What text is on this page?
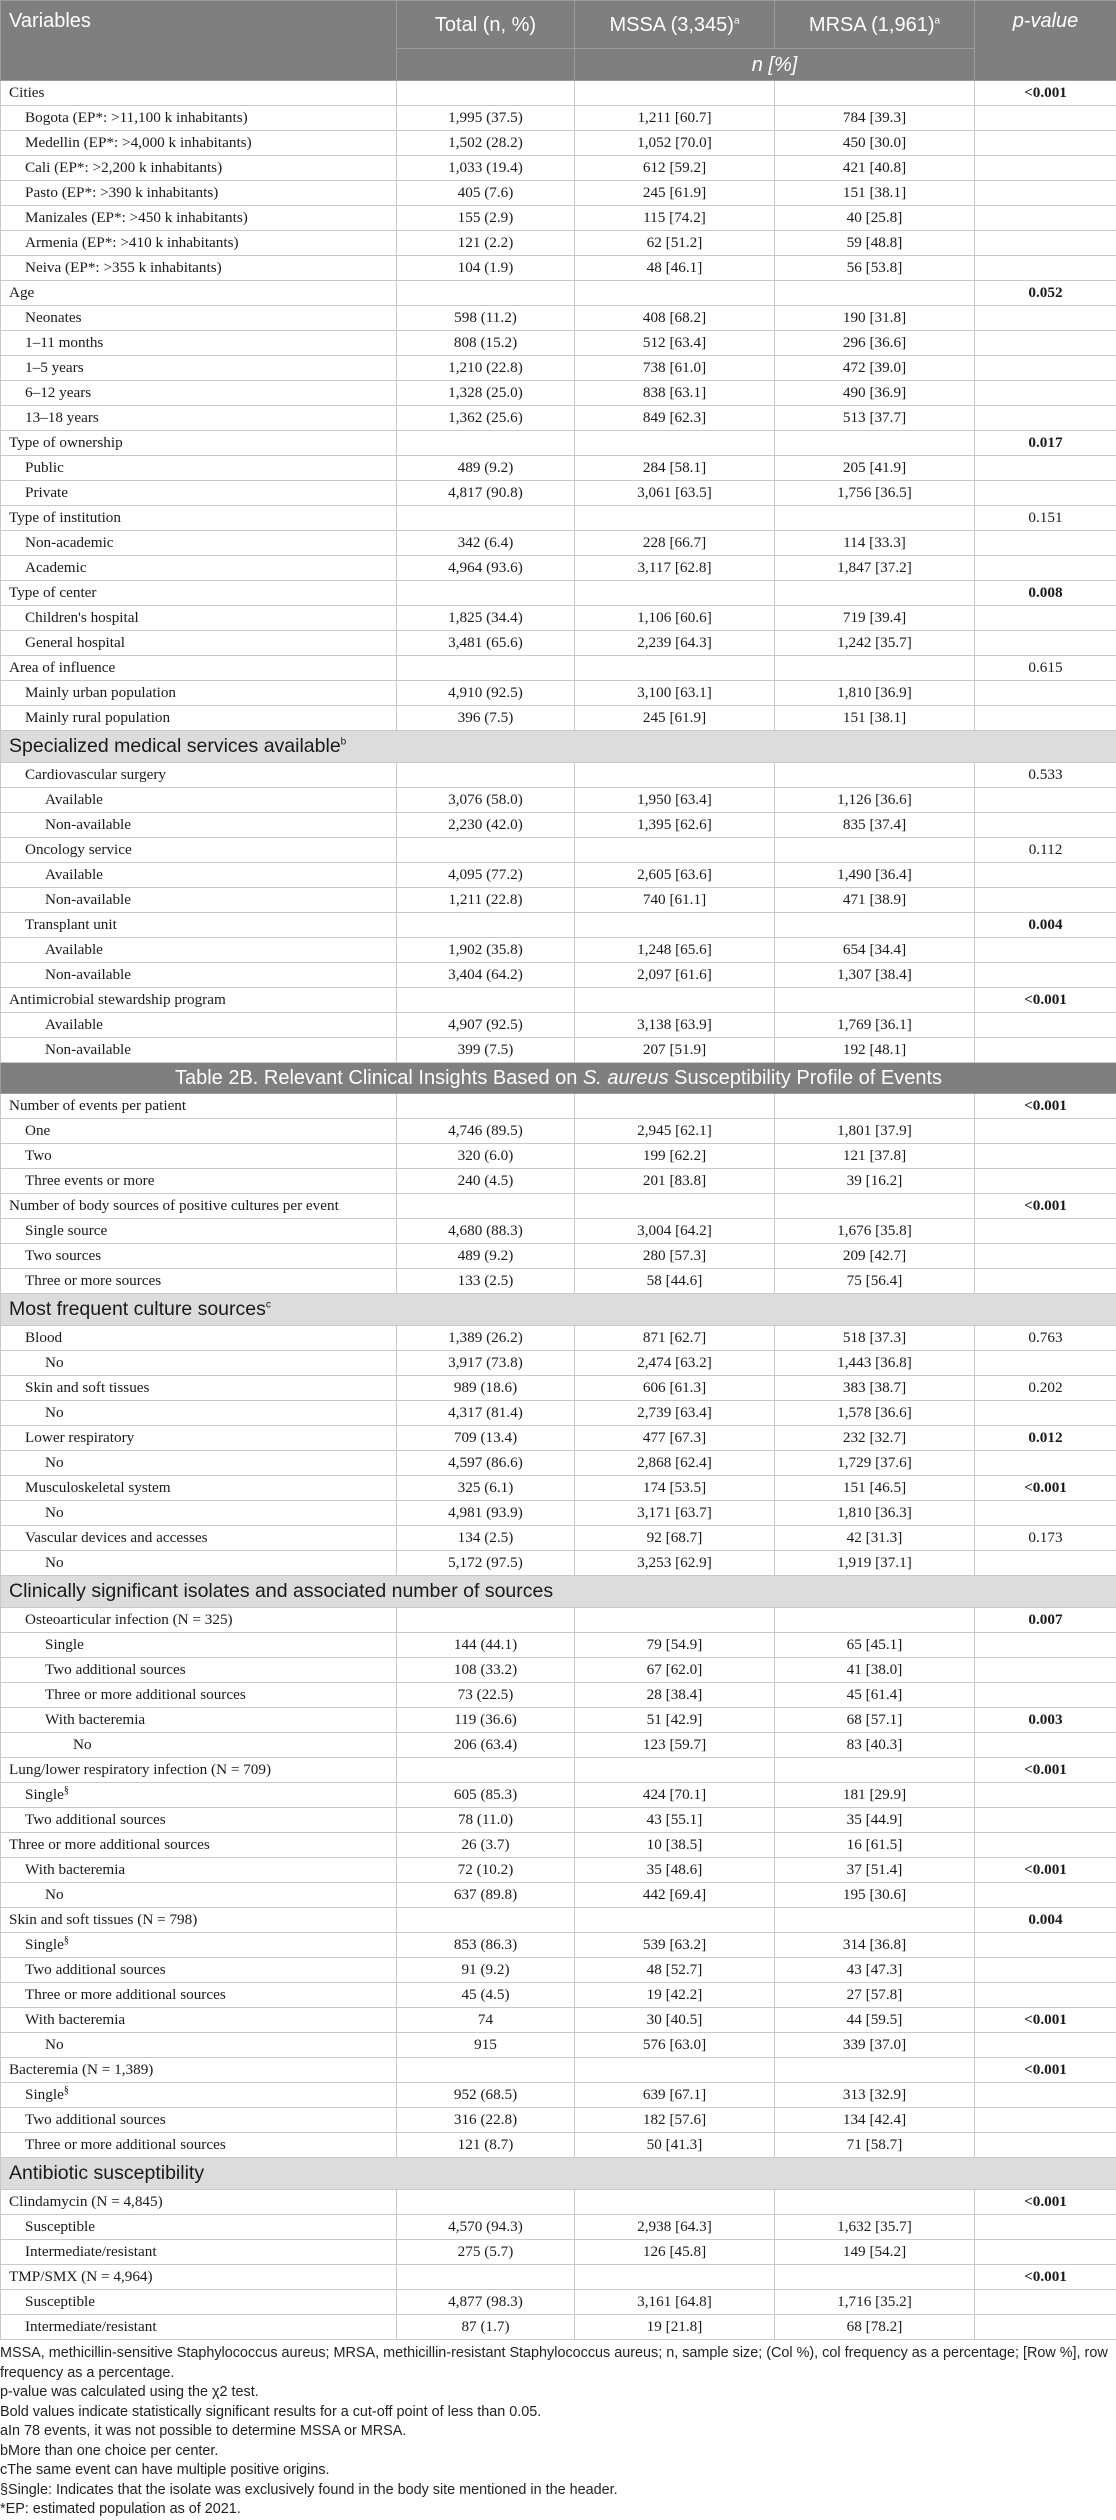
Variables	Total (n, %)	MSSA $(3,345)^a$	MRSA $(1,961)^a$	p-value
		n [%]		
Cities				<0.001
Bogota (EP*: >11,100 k inhabitants)	1,995 (37.5)	1,211 [60.7]	784 [39.3]	
Medellin (EP*: >4,000 k inhabitants)	1,502 (28.2)	1,052 [70.0]	450 [30.0]	
Cali (EP*: >2,200 k inhabitants)	1,033 (19.4)	612 [59.2]	421 [40.8]	
Pasto (EP*: >390 k inhabitants)	405 (7.6)	245 [61.9]	151 [38.1]	
Manizales (EP*: >450 k inhabitants)	155 (2.9)	115 [74.2]	40 [25.8]	
Armenia (EP*: >410 k inhabitants)	121 (2.2)	62 [51.2]	59 [48.8]	
Neiva (EP*: >355 k inhabitants)	104 (1.9)	48 [46.1]	56 [53.8]	
Age				0.052
Neonates	598 (11.2)	408 [68.2]	190 [31.8]	
1–11 months	808 (15.2)	512 [63.4]	296 [36.6]	
1–5 years	1,210 (22.8)	738 [61.0]	472 [39.0]	
6–12 years	1,328 (25.0)	838 [63.1]	490 [36.9]	
13–18 years	1,362 (25.6)	849 [62.3]	513 [37.7]	
Type of ownership				0.017
Public	489 (9.2)	284 [58.1]	205 [41.9]	
Private	4,817 (90.8)	3,061 [63.5]	1,756 [36.5]	
Type of institution				0.151
Non-academic	342 (6.4)	228 [66.7]	114 [33.3]	
Academic	4,964 (93.6)	3,117 [62.8]	1,847 [37.2]	
Type of center				0.008
Children's hospital	1,825 (34.4)	1,106 [60.6]	719 [39.4]	
General hospital	3,481 (65.6)	2,239 [64.3]	1,242 [35.7]	
Area of influence				0.615
Mainly urban population	4,910 (92.5)	3,100 [63.1]	1,810 [36.9]	
Mainly rural population	396 (7.5)	245 [61.9]	151 [38.1]	
Specialized medical services available$^b$
Cardiovascular surgery				0.533
Available	3,076 (58.0)	1,950 [63.4]	1,126 [36.6]	
Non-available	2,230 (42.0)	1,395 [62.6]	835 [37.4]	
Oncology service				0.112
Available	4,095 (77.2)	2,605 [63.6]	1,490 [36.4]	
Non-available	1,211 (22.8)	740 [61.1]	471 [38.9]	
Transplant unit				0.004
Available	1,902 (35.8)	1,248 [65.6]	654 [34.4]	
Non-available	3,404 (64.2)	2,097 [61.6]	1,307 [38.4]	
Antimicrobial stewardship program				<0.001
Available	4,907 (92.5)	3,138 [63.9]	1,769 [36.1]	
Non-available	399 (7.5)	207 [51.9]	192 [48.1]	
Table 2B. Relevant Clinical Insights Based on S. aureus Susceptibility Profile of Events				
Number of events per patient				<0.001
One	4,746 (89.5)	2,945 [62.1]	1,801 [37.9]	
Two	320 (6.0)	199 [62.2]	121 [37.8]	
Three events or more	240 (4.5)	201 [83.8]	39 [16.2]	
Number of body sources of positive cultures per event				<0.001
Single source	4,680 (88.3)	3,004 [64.2]	1,676 [35.8]	
Two sources	489 (9.2)	280 [57.3]	209 [42.7]	
Three or more sources	133 (2.5)	58 [44.6]	75 [56.4]	
Most frequent culture sources$^c$
Blood	1,389 (26.2)	871 [62.7]	518 [37.3]	0.763
No	3,917 (73.8)	2,474 [63.2]	1,443 [36.8]	
Skin and soft tissues	989 (18.6)	606 [61.3]	383 [38.7]	0.202
No	4,317 (81.4)	2,739 [63.4]	1,578 [36.6]	
Lower respiratory	709 (13.4)	477 [67.3]	232 [32.7]	0.012
No	4,597 (86.6)	2,868 [62.4]	1,729 [37.6]	
Musculoskeletal system	325 (6.1)	174 [53.5]	151 [46.5]	<0.001
No	4,981 (93.9)	3,171 [63.7]	1,810 [36.3]	
Vascular devices and accesses	134 (2.5)	92 [68.7]	42 [31.3]	0.173
No	5,172 (97.5)	3,253 [62.9]	1,919 [37.1]	
Clinically significant isolates and associated number of sources				
Osteoarticular infection (N = 325)				0.007
Single	144 (44.1)	79 [54.9]	65 [45.1]	
Two additional sources	108 (33.2)	67 [62.0]	41 [38.0]	
Three or more additional sources	73 (22.5)	28 [38.4]	45 [61.4]	
With bacteremia	119 (36.6)	51 [42.9]	68 [57.1]	0.003
No	206 (63.4)	123 [59.7]	83 [40.3]	
Lung/lower respiratory infection (N = 709)				<0.001
Single§	605 (85.3)	424 [70.1]	181 [29.9]	
Two additional sources	78 (11.0)	43 [55.1]	35 [44.9]	
Three or more additional sources	26 (3.7)	10 [38.5]	16 [61.5]	
With bacteremia	72 (10.2)	35 [48.6]	37 [51.4]	<0.001
No	637 (89.8)	442 [69.4]	195 [30.6]	
Skin and soft tissues (N = 798)				0.004
Single§	853 (86.3)	539 [63.2]	314 [36.8]	
Two additional sources	91 (9.2)	48 [52.7]	43 [47.3]	
Three or more additional sources	45 (4.5)	19 [42.2]	27 [57.8]	
With bacteremia	74	30 [40.5]	44 [59.5]	<0.001
No	915	576 [63.0]	339 [37.0]	
Bacteremia (N = 1,389)				<0.001
Single§	952 (68.5)	639 [67.1]	313 [32.9]	
Two additional sources	316 (22.8)	182 [57.6]	134 [42.4]	
Three or more additional sources	121 (8.7)	50 [41.3]	71 [58.7]	
Antibiotic susceptibility				
Clindamycin (N = 4,845)				<0.001
Susceptible	4,570 (94.3)	2,938 [64.3]	1,632 [35.7]	
Intermediate/resistant	275 (5.7)	126 [45.8]	149 [54.2]	
TMP/SMX (N = 4,964)				<0.001
Susceptible	4,877 (98.3)	3,161 [64.8]	1,716 [35.2]	
Intermediate/resistant	87 (1.7)	19 [21.8]	68 [78.2]	
MSSA, methicillin-sensitive Staphylococcus aureus; MRSA, methicillin-resistant Staphylococcus aureus; n, sample size; (Col %), col frequency as a percentage; [Row %], row frequency as a percentage.
p-value was calculated using the χ2 test.
Bold values indicate statistically significant results for a cut-off point of less than 0.05.
aIn 78 events, it was not possible to determine MSSA or MRSA.
bMore than one choice per center.
cThe same event can have multiple positive origins.
§Single: Indicates that the isolate was exclusively found in the body site mentioned in the header.
*EP: estimated population as of 2021.
